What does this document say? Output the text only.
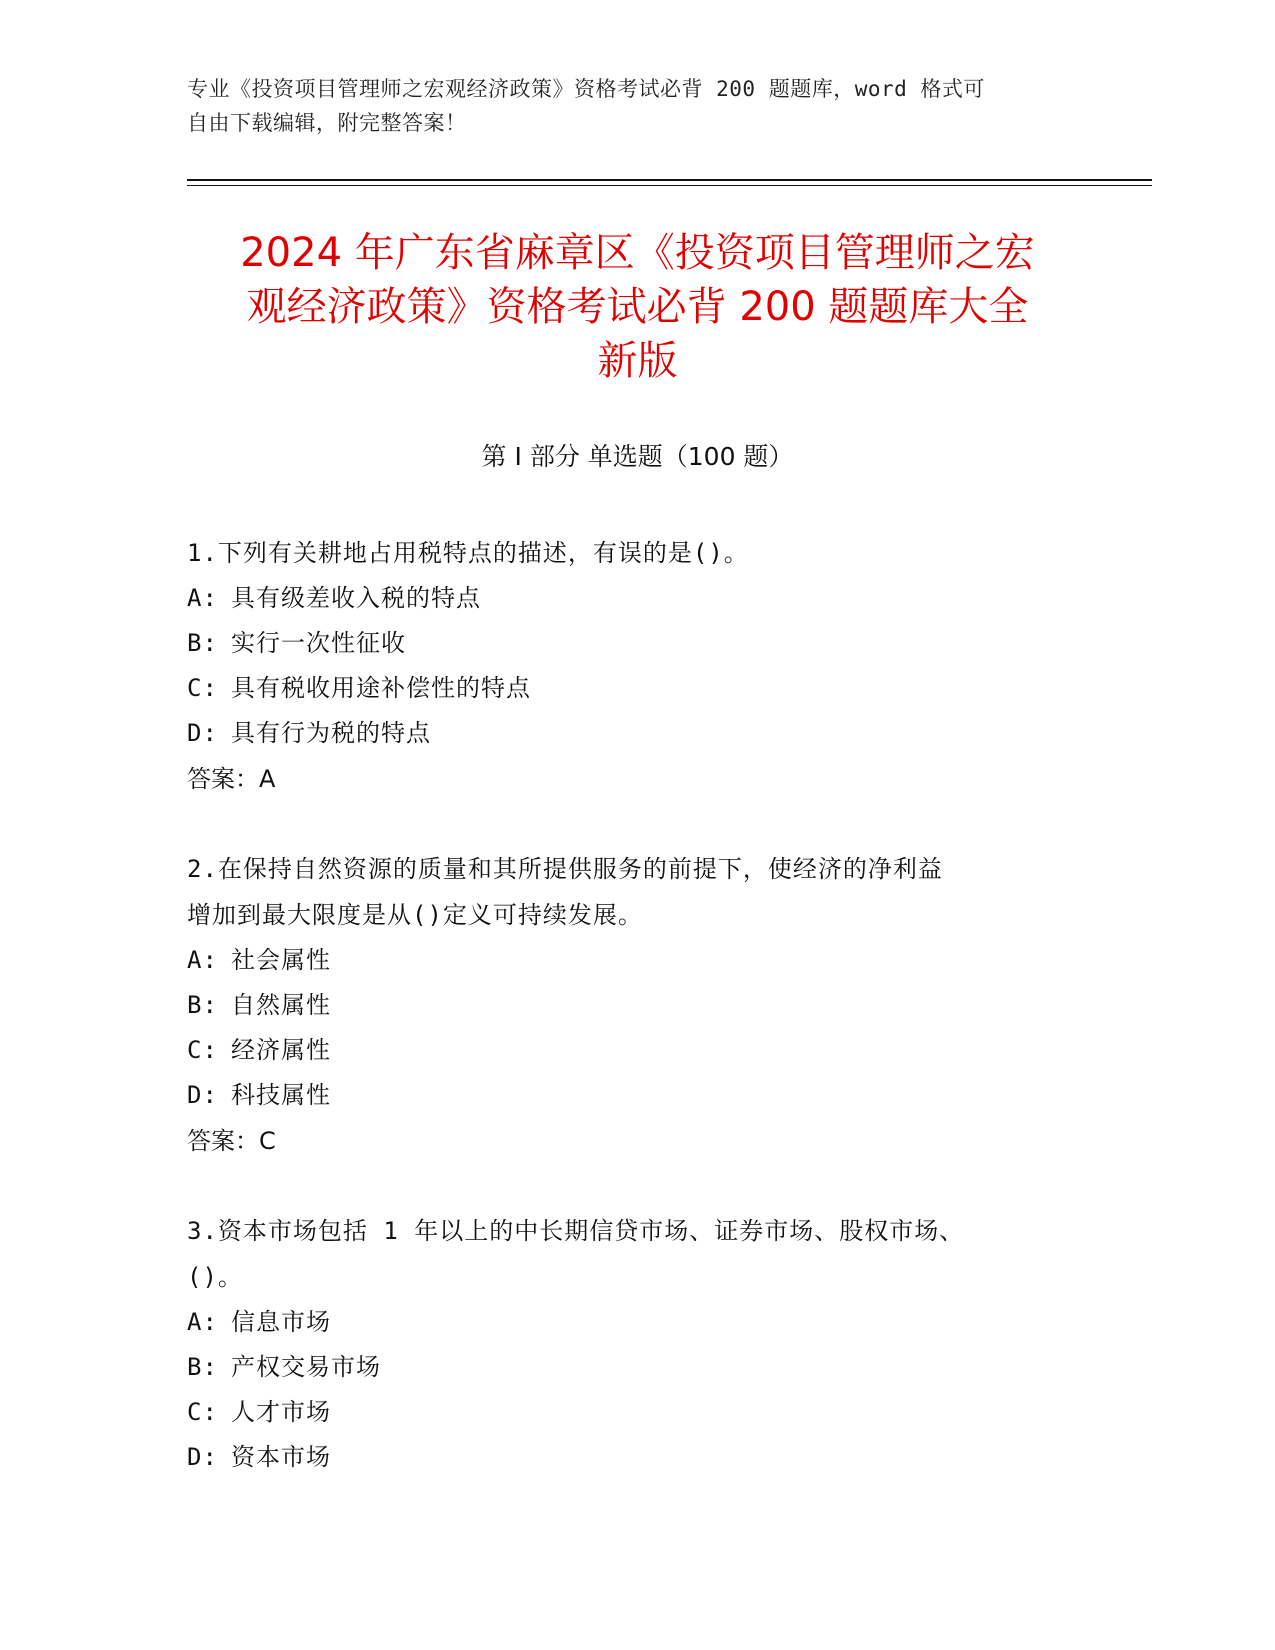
专业《投资项目管理师之宏观经济政策》资格考试必背 200 题题库，word 格式可
自由下载编辑，附完整答案！
2024 年广东省麻章区《投资项目管理师之宏
观经济政策》资格考试必背 200 题题库大全
新版
第 I 部分 单选题（100 题）
1.下列有关耕地占用税特点的描述，有误的是()。
A: 具有级差收入税的特点
B: 实行一次性征收
C: 具有税收用途补偿性的特点
D: 具有行为税的特点
答案：A
2.在保持自然资源的质量和其所提供服务的前提下，使经济的净利益
增加到最大限度是从()定义可持续发展。
A: 社会属性
B: 自然属性
C: 经济属性
D: 科技属性
答案：C
3.资本市场包括 1 年以上的中长期信贷市场、证券市场、股权市场、
()。
A: 信息市场
B: 产权交易市场
C: 人才市场
D: 资本市场
